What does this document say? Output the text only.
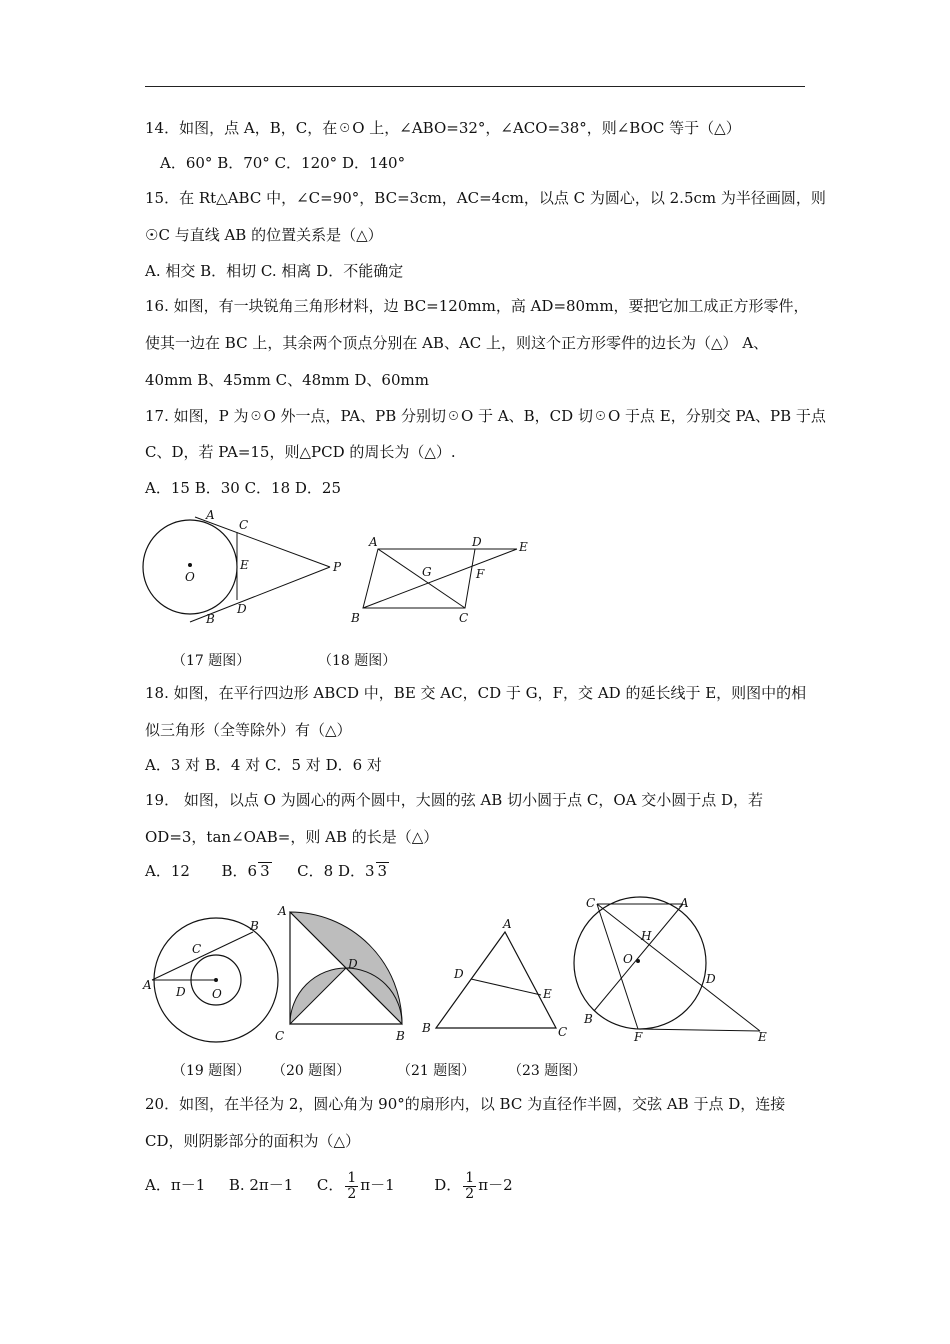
14．如图，点 A，B，C，在☉O 上，∠ABO=32°，∠ACO=38°，则∠BOC 等于（△）
A．60° B．70° C．120° D．140°
15．在 Rt△ABC 中，∠C=90°，BC=3cm，AC=4cm，以点 C 为圆心，以 2.5cm 为半径画圆，则
☉C 与直线 AB 的位置关系是（△）
A. 相交 B．相切 C. 相离 D．不能确定
16. 如图，有一块锐角三角形材料，边 BC=120mm，高 AD=80mm，要把它加工成正方形零件，
使其一边在 BC 上，其余两个顶点分别在 AB、AC 上，则这个正方形零件的边长为（△） A、
40mm B、45mm C、48mm D、60mm
17. 如图，P 为☉O 外一点，PA、PB 分别切☉O 于 A、B，CD 切☉O 于点 E，分别交 PA、PB 于点
C、D，若 PA=15，则△PCD 的周长为（△）.
A．15 B．30 C．18 D．25
A
C
E
D
B
O
P
A	D	E
G	F
B	C
（17 题图）	（18 题图）
18. 如图，在平行四边形 ABCD 中，BE 交 AC，CD 于 G，F，交 AD 的延长线于 E，则图中的相
似三角形（全等除外）有（△）
A．3 对 B．4 对 C．5 对 D．6 对
19． 如图，以点 O 为圆心的两个圆中，大圆的弦 AB 切小圆于点 C，OA 交小圆于点 D，若
OD=3，tan∠OAB=，则 AB 的长是（△）
A．12 B．6 3 C．8 D．3 3
A
B
C
D O
A
D
C	B
A
D
E
B	C
C	A
H
O
D
B
F	E
（19 题图） （20 题图）	（21 题图） （23 题图）
20．如图，在半径为 2，圆心角为 90°的扇形内，以 BC 为直径作半圆，交弦 AB 于点 D，连接
CD，则阴影部分的面积为（△）
A．π－1 B. 2π－1 C． $\frac{1}{2} \pi-1$	D． $\frac{1}{2} \pi-2$
